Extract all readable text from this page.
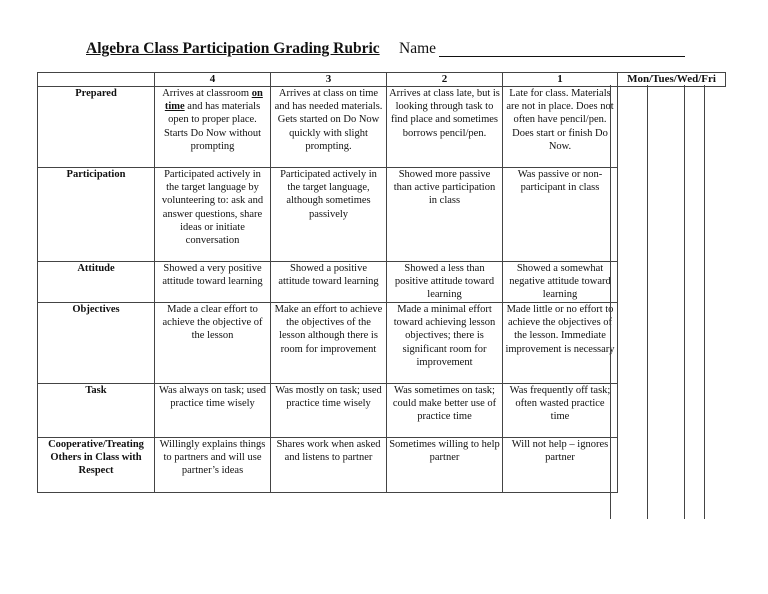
Algebra Class Participation Grading Rubric Name
	4	3	2	1	Mon/Tues/Wed/Fri
Prepared	Arrives at classroom on time and has materials open to proper place. Starts Do Now without prompting	Arrives at class on time and has needed materials. Gets started on Do Now quickly with slight prompting.	Arrives at class late, but is looking through task to find place and sometimes borrows pencil/pen.	Late for class. Materials are not in place. Does not often have pencil/pen. Does start or finish Do Now.	
Participation	Participated actively in the target language by volunteering to: ask and answer questions, share ideas or initiate conversation	Participated actively in the target language, although sometimes passively	Showed more passive than active participation in class	Was passive or non-participant in class	
Attitude	Showed a very positive attitude toward learning	Showed a positive attitude toward learning	Showed a less than positive attitude toward learning	Showed a somewhat negative attitude toward learning	
Objectives	Made a clear effort to achieve the objective of the lesson	Make an effort to achieve the objectives of the lesson although there is room for improvement	Made a minimal effort toward achieving lesson objectives; there is significant room for improvement	Made little or no effort to achieve the objectives of the lesson. Immediate improvement is necessary	
Task	Was always on task; used practice time wisely	Was mostly on task; used practice time wisely	Was sometimes on task; could make better use of practice time	Was frequently off task; often wasted practice time	
Cooperative/Treating Others in Class with Respect	Willingly explains things to partners and will use partner’s ideas	Shares work when asked and listens to partner	Sometimes willing to help partner	Will not help – ignores partner	
